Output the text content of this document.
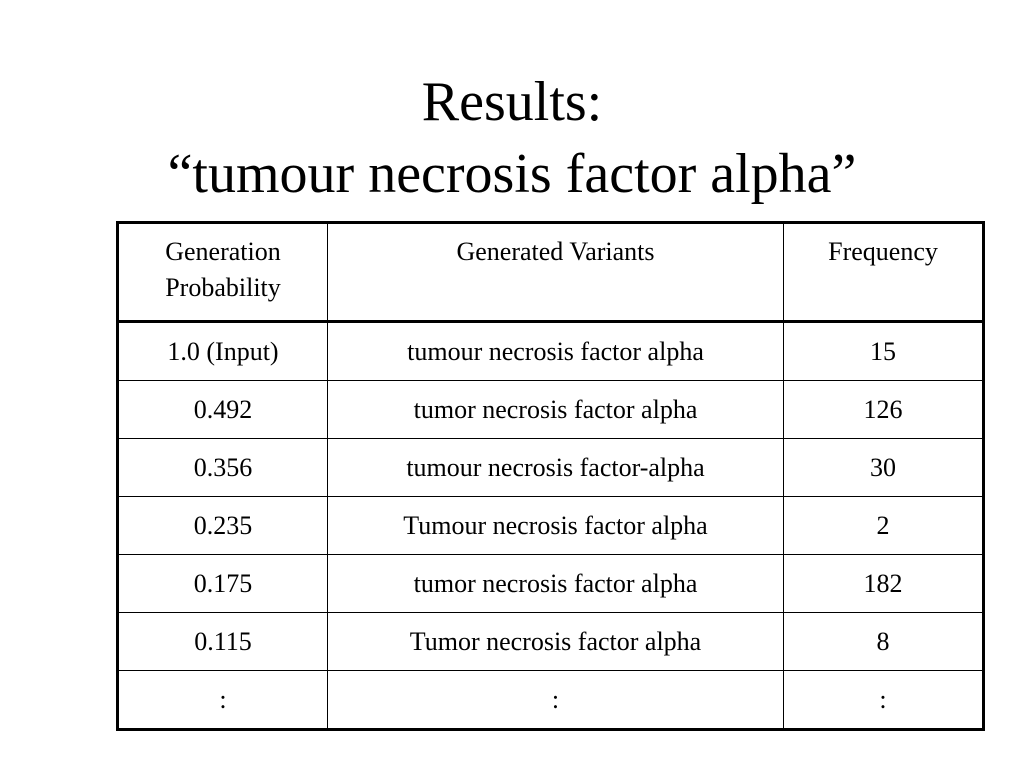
Results:
“tumour necrosis factor alpha”
Generation Probability	Generated Variants	Frequency
1.0 (Input)	tumour necrosis factor alpha	15
0.492	tumor necrosis factor alpha	126
0.356	tumour necrosis factor-alpha	30
0.235	Tumour necrosis factor alpha	2
0.175	tumor necrosis factor alpha	182
0.115	Tumor necrosis factor alpha	8
:	:	:
